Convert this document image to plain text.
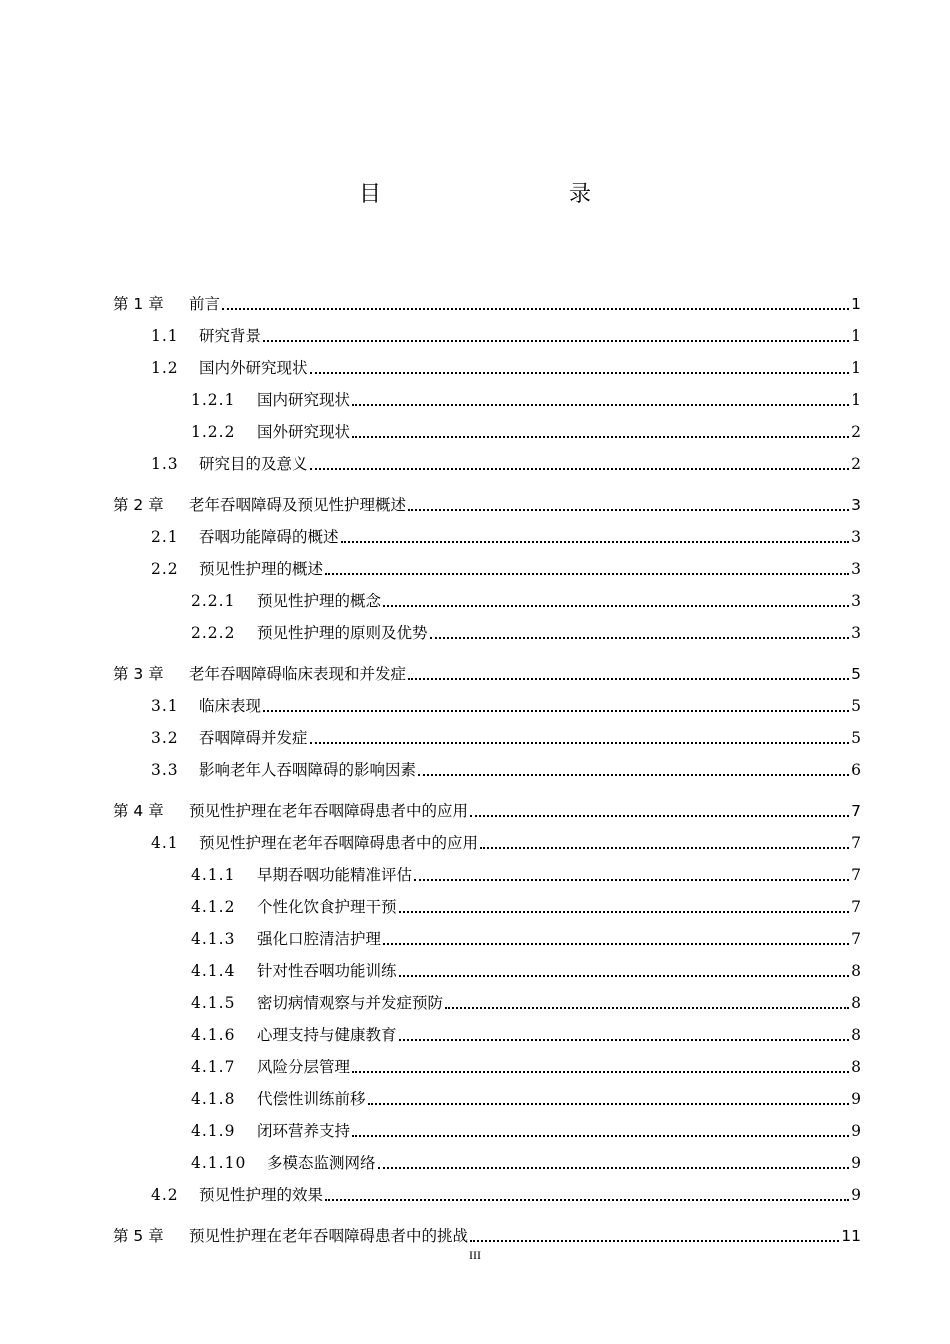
目　　录
第 1 章	前言	1
1.1	研究背景	1
1.2	国内外研究现状	1
1.2.1	国内研究现状	1
1.2.2	国外研究现状	2
1.3	研究目的及意义	2
第 2 章	老年吞咽障碍及预见性护理概述	3
2.1	吞咽功能障碍的概述	3
2.2	预见性护理的概述	3
2.2.1	预见性护理的概念	3
2.2.2	预见性护理的原则及优势	3
第 3 章	老年吞咽障碍临床表现和并发症	5
3.1	临床表现	5
3.2	吞咽障碍并发症	5
3.3	影响老年人吞咽障碍的影响因素	6
第 4 章	预见性护理在老年吞咽障碍患者中的应用	7
4.1	预见性护理在老年吞咽障碍患者中的应用	7
4.1.1	早期吞咽功能精准评估	7
4.1.2	个性化饮食护理干预	7
4.1.3	强化口腔清洁护理	7
4.1.4	针对性吞咽功能训练	8
4.1.5	密切病情观察与并发症预防	8
4.1.6	心理支持与健康教育	8
4.1.7	风险分层管理	8
4.1.8	代偿性训练前移	9
4.1.9	闭环营养支持	9
4.1.10	多模态监测网络	9
4.2	预见性护理的效果	9
第 5 章	预见性护理在老年吞咽障碍患者中的挑战	11
III
